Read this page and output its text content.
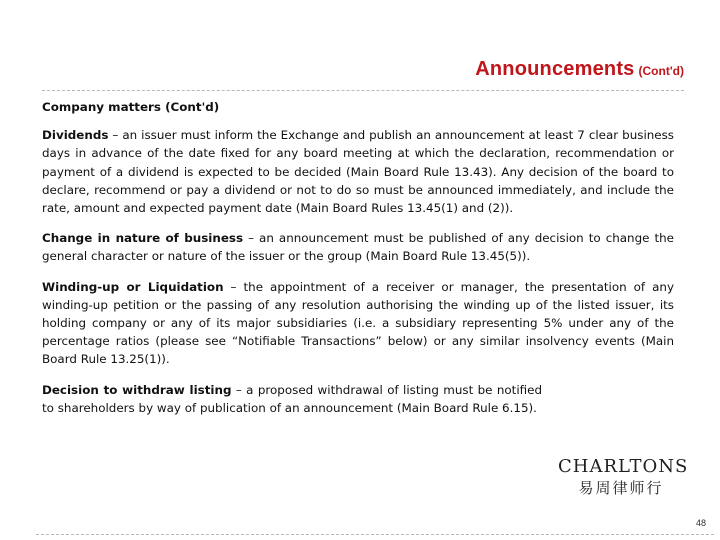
Announcements (Cont'd)

Company matters (Cont'd)

Dividends – an issuer must inform the Exchange and publish an announcement at least 7 clear business days in advance of the date fixed for any board meeting at which the declaration, recommendation or payment of a dividend is expected to be decided (Main Board Rule 13.43). Any decision of the board to declare, recommend or pay a dividend or not to do so must be announced immediately, and include the rate, amount and expected payment date (Main Board Rules 13.45(1) and (2)).

Change in nature of business – an announcement must be published of any decision to change the general character or nature of the issuer or the group (Main Board Rule 13.45(5)).

Winding-up or Liquidation – the appointment of a receiver or manager, the presentation of any winding-up petition or the passing of any resolution authorising the winding up of the listed issuer, its holding company or any of its major subsidiaries (i.e. a subsidiary representing 5% under any of the percentage ratios (please see “Notifiable Transactions” below) or any similar insolvency events (Main Board Rule 13.25(1)).

Decision to withdraw listing – a proposed withdrawal of listing must be notified to shareholders by way of publication of an announcement (Main Board Rule 6.15).

CHARLTONS
易周律师行
48
